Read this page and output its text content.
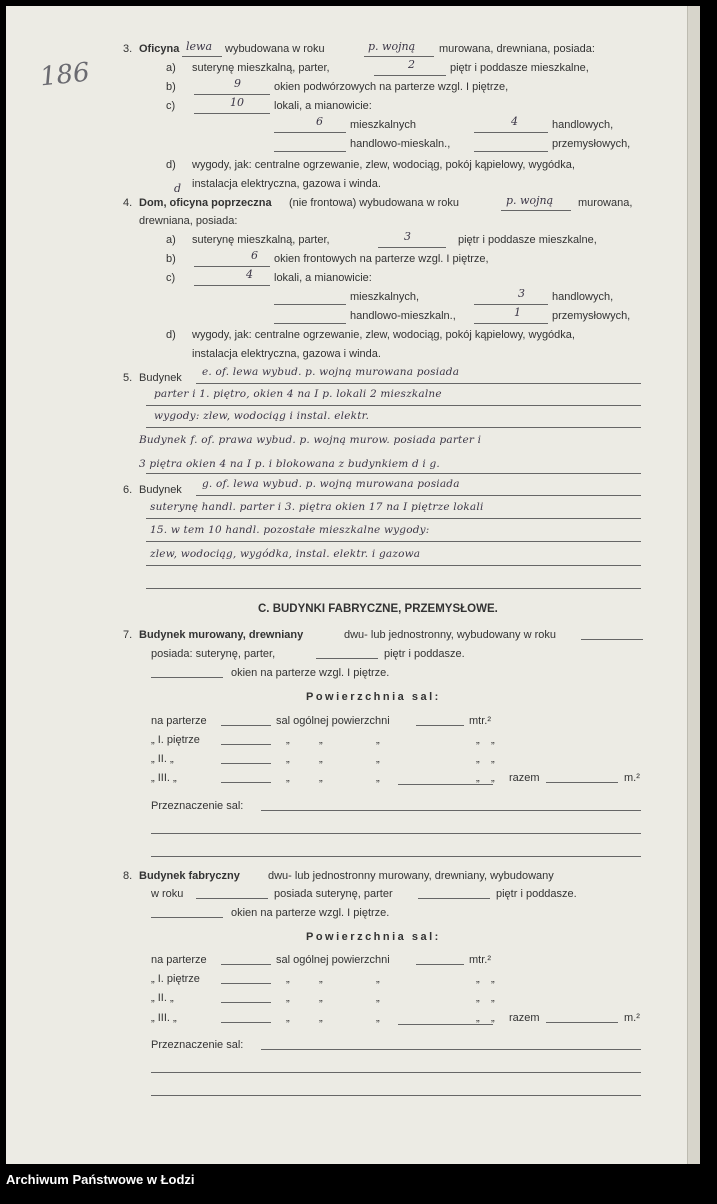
186
3. Oficyna lewa wybudowana w roku	p. wojną murowana, drewniana, posiada:
a) suterynę mieszkalną, parter,	2	piętr i poddasze mieszkalne,
b)	9	okien podwórzowych na parterze wzgl. I piętrze,
c)	10	lokali, a mianowicie:
6 mieszkalnych	4	handlowych,
handlowo-mieskaln.,	przemysłowych,
d) wygody, jak: centralne ogrzewanie, zlew, wodociąg, pokój kąpielowy, wygódka,
instalacja elektryczna, gazowa i winda.
d
4. Dom, oficyna poprzeczna (nie frontowa) wybudowana w roku	p. wojną murowana,
drewniana, posiada:
a) suterynę mieszkalną, parter,	3	piętr i poddasze mieszkalne,
b)	6 okien frontowych na parterze wzgl. I piętrze,
c)	4 lokali, a mianowicie:
mieszkalnych,	3 handlowych,
handlowo-mieszkaln.,	1	przemysłowych,
d) wygody, jak: centralne ogrzewanie, zlew, wodociąg, pokój kąpielowy, wygódka,
instalacja elektryczna, gazowa i winda.
5. Budynek e. of. lewa wybud. p. wojną murowana posiada
parter i 1. piętro, okien 4 na I p. lokali 2 mieszkalne
wygody: zlew, wodociąg i instal. elektr.
Budynek f. of. prawa wybud. p. wojną murow. posiada parter i
3 piętra okien 4 na I p. i blokowana z budynkiem d i g.
6. Budynek g. of. lewa wybud. p. wojną murowana posiada
suterynę handl. parter i 3. piętra okien 17 na I piętrze lokali
15. w tem 10 handl. pozostałe mieszkalne wygody:
zlew, wodociąg, wygódka, instal. elektr. i gazowa
C. BUDYNKI FABRYCZNE, PRZEMYSŁOWE.
7. Budynek murowany, drewniany	dwu- lub jednostronny, wybudowany w roku
posiada: suterynę, parter,	piętr i poddasze.
okien na parterze wzgl. I piętrze.
Powierzchnia sal:
na parterze	sal ogólnej powierzchni	mtr.²
„ I. piętrze	„	„	„	„ „
„ II. „	„	„	„	„ „
„ III. „	„	„	„	„ „ razem	m.²
Przeznaczenie sal:
8. Budynek fabryczny	dwu- lub jednostronny murowany, drewniany, wybudowany
w roku	posiada suterynę, parter	piętr i poddasze.
okien na parterze wzgl. I piętrze.
Powierzchnia sal:
na parterze	sal ogólnej powierzchni	mtr.²
„ I. piętrze	„	„	„	„ „
„ II. „	„	„	„	„ „
„ III. „	„	„	„	„ „ razem	m.²
Przeznaczenie sal:
Archiwum Państwowe w Łodzi
